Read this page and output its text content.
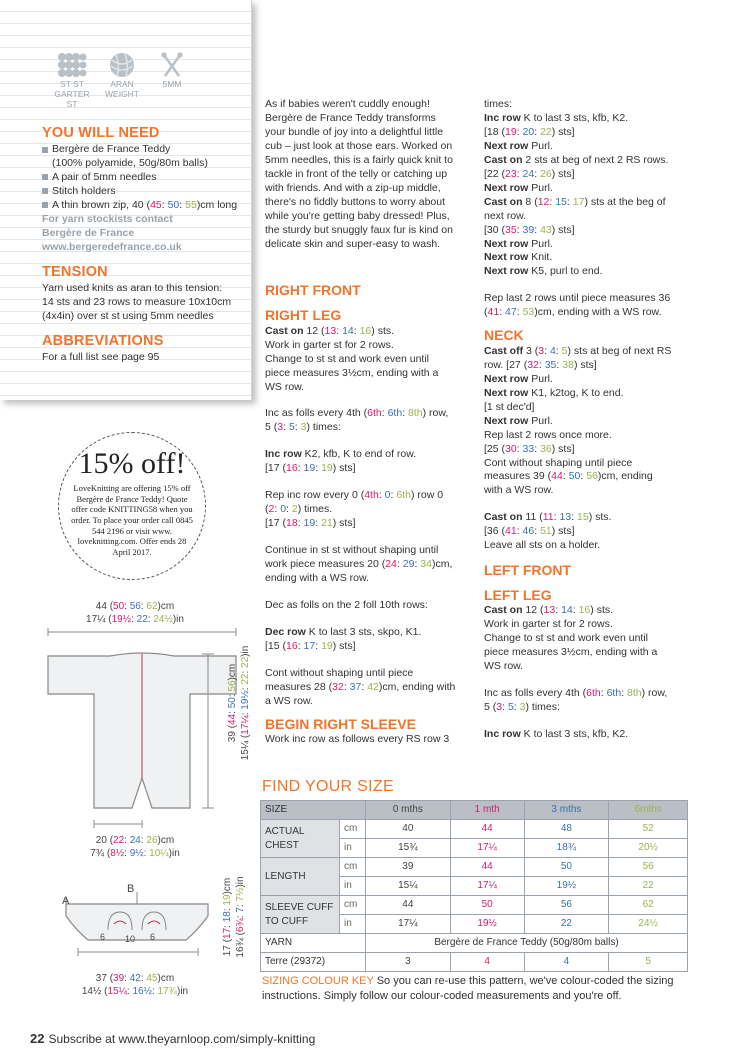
ST ST
GARTER ST
ARAN
WEIGHT
5MM
YOU WILL NEED
Bergère de France Teddy
(100% polyamide, 50g/80m balls)
A pair of 5mm needles
Stitch holders
A thin brown zip, 40 (45: 50: 55)cm long
For yarn stockists contact
Bergère de France
www.bergeredefrance.co.uk
TENSION
Yarn used knits as aran to this tension:
14 sts and 23 rows to measure 10x10cm
(4x4in) over st st using 5mm needles
ABBREVIATIONS
For a full list see page 95
15% off!
LoveKnitting are offering 15% off Bergère de France Teddy! Quote offer code KNITTING58 when you order. To place your order call 0845 544 2196 or visit www. loveknitting.com. Offer ends 28 April 2017.
44 (50: 56: 62)cm
17¼ (19½: 22: 24½)in
39 (44: 50: 56)cm
15¼ (17¼: 19½: 22: 22)in
20 (22: 24: 26)cm
7¾ (8½: 9½: 10¼)in
A
B
6 10 6
17 (17: 18: 19)cm
16¾ (6¾: 7: 7½)in
37 (39: 42: 45)cm
14½ (15¼: 16½: 17¾)in

As if babies weren't cuddly enough!
Bergère de France Teddy transforms
your bundle of joy into a delightful little
cub – just look at those ears. Worked on
5mm needles, this is a fairly quick knit to
tackle in front of the telly or catching up
with friends. And with a zip-up middle,
there's no fiddly buttons to worry about
while you're getting baby dressed! Plus,
the sturdy but snuggly faux fur is kind on
delicate skin and super-easy to wash.

RIGHT FRONT
RIGHT LEG

Cast on 12 (13: 14: 16) sts.
Work in garter st for 2 rows.
Change to st st and work even until
piece measures 3½cm, ending with a
WS row.

Inc as folls every 4th (6th: 6th: 8th) row,
5 (3: 5: 3) times:

Inc row K2, kfb, K to end of row.
[17 (16: 19: 19) sts]

Rep inc row every 0 (4th: 0: 6th) row 0
(2: 0: 2) times.
[17 (18: 19: 21) sts]

Continue in st st without shaping until
work piece measures 20 (24: 29: 34)cm,
ending with a WS row.

Dec as folls on the 2 foll 10th rows:

Dec row K to last 3 sts, skpo, K1.
[15 (16: 17: 19) sts]

Cont without shaping until piece
measures 28 (32: 37: 42)cm, ending with
a WS row.

BEGIN RIGHT SLEEVE

Work inc row as follows every RS row 3

times:
Inc row K to last 3 sts, kfb, K2.
[18 (19: 20: 22) sts]
Next row Purl.
Cast on 2 sts at beg of next 2 RS rows.
[22 (23: 24: 26) sts]
Next row Purl.
Cast on 8 (12: 15: 17) sts at the beg of
next row.
[30 (35: 39: 43) sts]
Next row Purl.
Next row Knit.
Next row K5, purl to end.

Rep last 2 rows until piece measures 36
(41: 47: 53)cm, ending with a WS row.

NECK

Cast off 3 (3: 4: 5) sts at beg of next RS
row. [27 (32: 35: 38) sts]
Next row Purl.
Next row K1, k2tog, K to end.
[1 st dec'd]
Next row Purl.
Rep last 2 rows once more.
[25 (30: 33: 36) sts]
Cont without shaping until piece
measures 39 (44: 50: 56)cm, ending
with a WS row.

Cast on 11 (11: 13: 15) sts.
[36 (41: 46: 51) sts]
Leave all sts on a holder.

LEFT FRONT
LEFT LEG

Cast on 12 (13: 14: 16) sts.
Work in garter st for 2 rows.
Change to st st and work even until
piece measures 3½cm, ending with a
WS row.

Inc as folls every 4th (6th: 6th: 8th) row,
5 (3: 5: 3) times:

Inc row K to last 3 sts, kfb, K2.

FIND YOUR SIZE
SIZE		0 mths	1 mth	3 mths	6mths
ACTUAL
CHEST	cm	40	44	48	52
	in	15¾	17¼	18¾	20½
LENGTH	cm	39	44	50	56
	in	15¼	17¼	19½	22
SLEEVE CUFF
TO CUFF	cm	44	50	56	62
	in	17¼	19½	22	24½
YARN		Bergère de France Teddy (50g/80m balls)			
Terre (29372)		3	4	4	5
SIZING COLOUR KEY So you can re-use this pattern, we've colour-coded the sizing instructions. Simply follow our colour-coded measurements and you're off.
22 Subscribe at www.theyarnloop.com/simply-knitting
